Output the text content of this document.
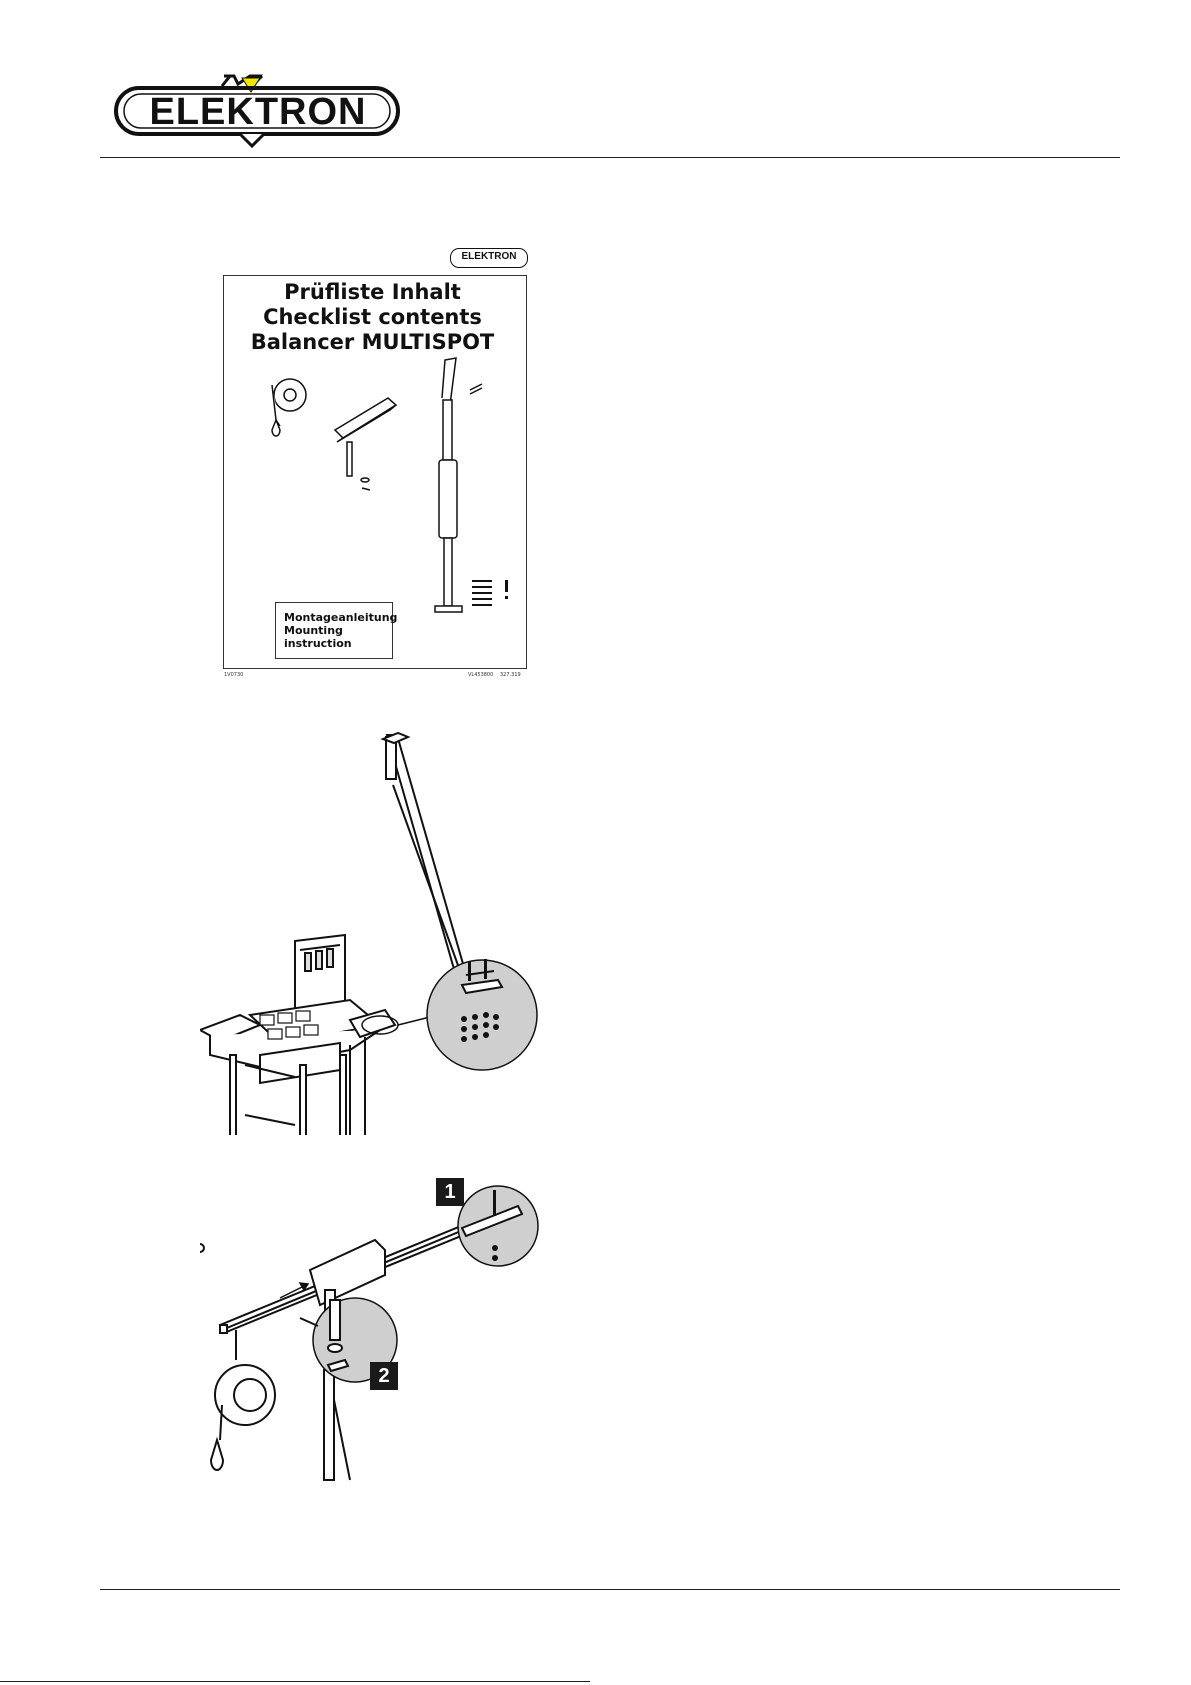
ELEKTRON
ELEKTRON
Prüfliste Inhalt
Checklist contents
Balancer MULTISPOT
Montageanleitung
Mounting instruction
1V0730	VL453800 327.319
1
2
